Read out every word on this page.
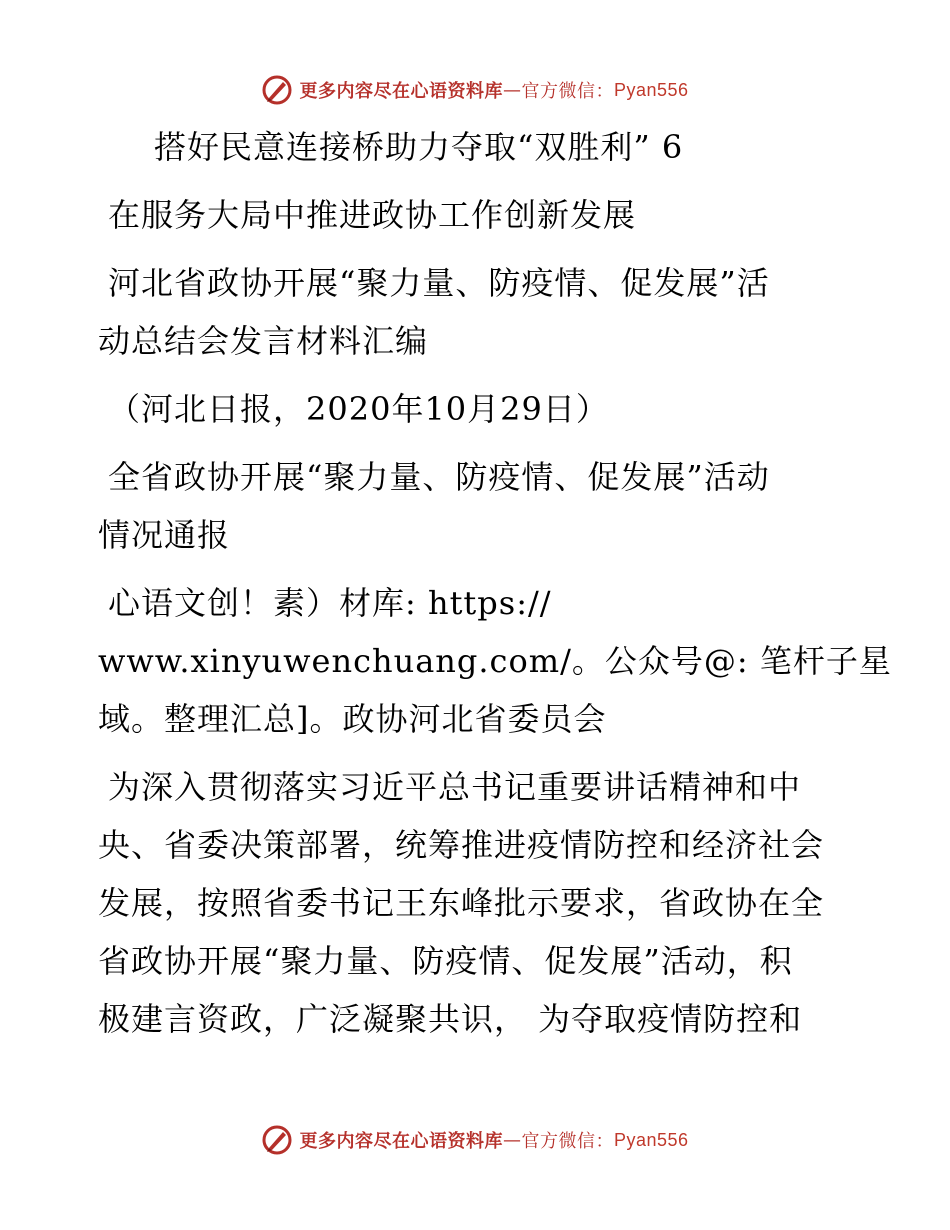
更多内容尽在心语资料库 — 官方微信： Pyan556
搭好民意连接桥助力夺取“双胜利” 6
在服务大局中推进政协工作创新发展
河北省政协开展“聚力量、防疫情、促发展”活
动总结会发言材料汇编
（河北日报，2020年10月29日）
全省政协开展“聚力量、防疫情、促发展”活动
情况通报
心语文创！素）材库: https://
www.xinyuwenchuang.com/。公众号@: 笔杆子星
域。整理汇总]。政协河北省委员会
为深入贯彻落实习近平总书记重要讲话精神和中
央、省委决策部署，统筹推进疫情防控和经济社会
发展，按照省委书记王东峰批示要求，省政协在全
省政协开展“聚力量、防疫情、促发展”活动，积
极建言资政，广泛凝聚共识， 为夺取疫情防控和
更多内容尽在心语资料库 — 官方微信： Pyan556
